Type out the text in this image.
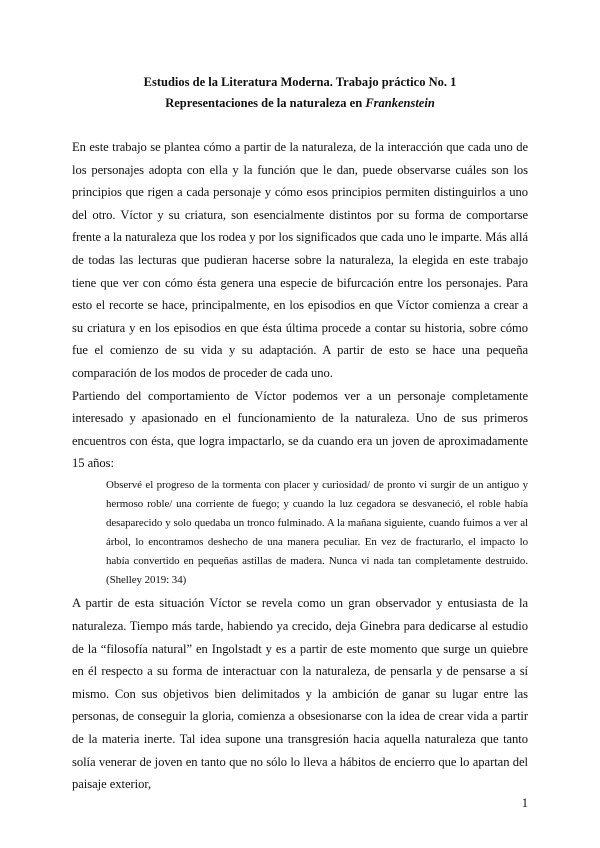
Estudios de la Literatura Moderna. Trabajo práctico No. 1
Representaciones de la naturaleza en Frankenstein

En este trabajo se plantea cómo a partir de la naturaleza, de la interacción que cada uno de los personajes adopta con ella y la función que le dan, puede observarse cuáles son los principios que rigen a cada personaje y cómo esos principios permiten distinguirlos a uno del otro. Víctor y su criatura, son esencialmente distintos por su forma de comportarse frente a la naturaleza que los rodea y por los significados que cada uno le imparte. Más allá de todas las lecturas que pudieran hacerse sobre la naturaleza, la elegida en este trabajo tiene que ver con cómo ésta genera una especie de bifurcación entre los personajes. Para esto el recorte se hace, principalmente, en los episodios en que Víctor comienza a crear a su criatura y en los episodios en que ésta última procede a contar su historia, sobre cómo fue el comienzo de su vida y su adaptación. A partir de esto se hace una pequeña comparación de los modos de proceder de cada uno.

Partiendo del comportamiento de Víctor podemos ver a un personaje completamente interesado y apasionado en el funcionamiento de la naturaleza. Uno de sus primeros encuentros con ésta, que logra impactarlo, se da cuando era un joven de aproximadamente 15 años:

Observé el progreso de la tormenta con placer y curiosidad/ de pronto vi surgir de un antiguo y hermoso roble/ una corriente de fuego; y cuando la luz cegadora se desvaneció, el roble había desaparecido y solo quedaba un tronco fulminado. A la mañana siguiente, cuando fuimos a ver al árbol, lo encontramos deshecho de una manera peculiar. En vez de fracturarlo, el impacto lo había convertido en pequeñas astillas de madera. Nunca vi nada tan completamente destruido. (Shelley 2019: 34)

A partir de esta situación Víctor se revela como un gran observador y entusiasta de la naturaleza. Tiempo más tarde, habiendo ya crecido, deja Ginebra para dedicarse al estudio de la “filosofía natural” en Ingolstadt y es a partir de este momento que surge un quiebre en él respecto a su forma de interactuar con la naturaleza, de pensarla y de pensarse a sí mismo. Con sus objetivos bien delimitados y la ambición de ganar su lugar entre las personas, de conseguir la gloria, comienza a obsesionarse con la idea de crear vida a partir de la materia inerte. Tal idea supone una transgresión hacia aquella naturaleza que tanto solía venerar de joven en tanto que no sólo lo lleva a hábitos de encierro que lo apartan del paisaje exterior,

1
